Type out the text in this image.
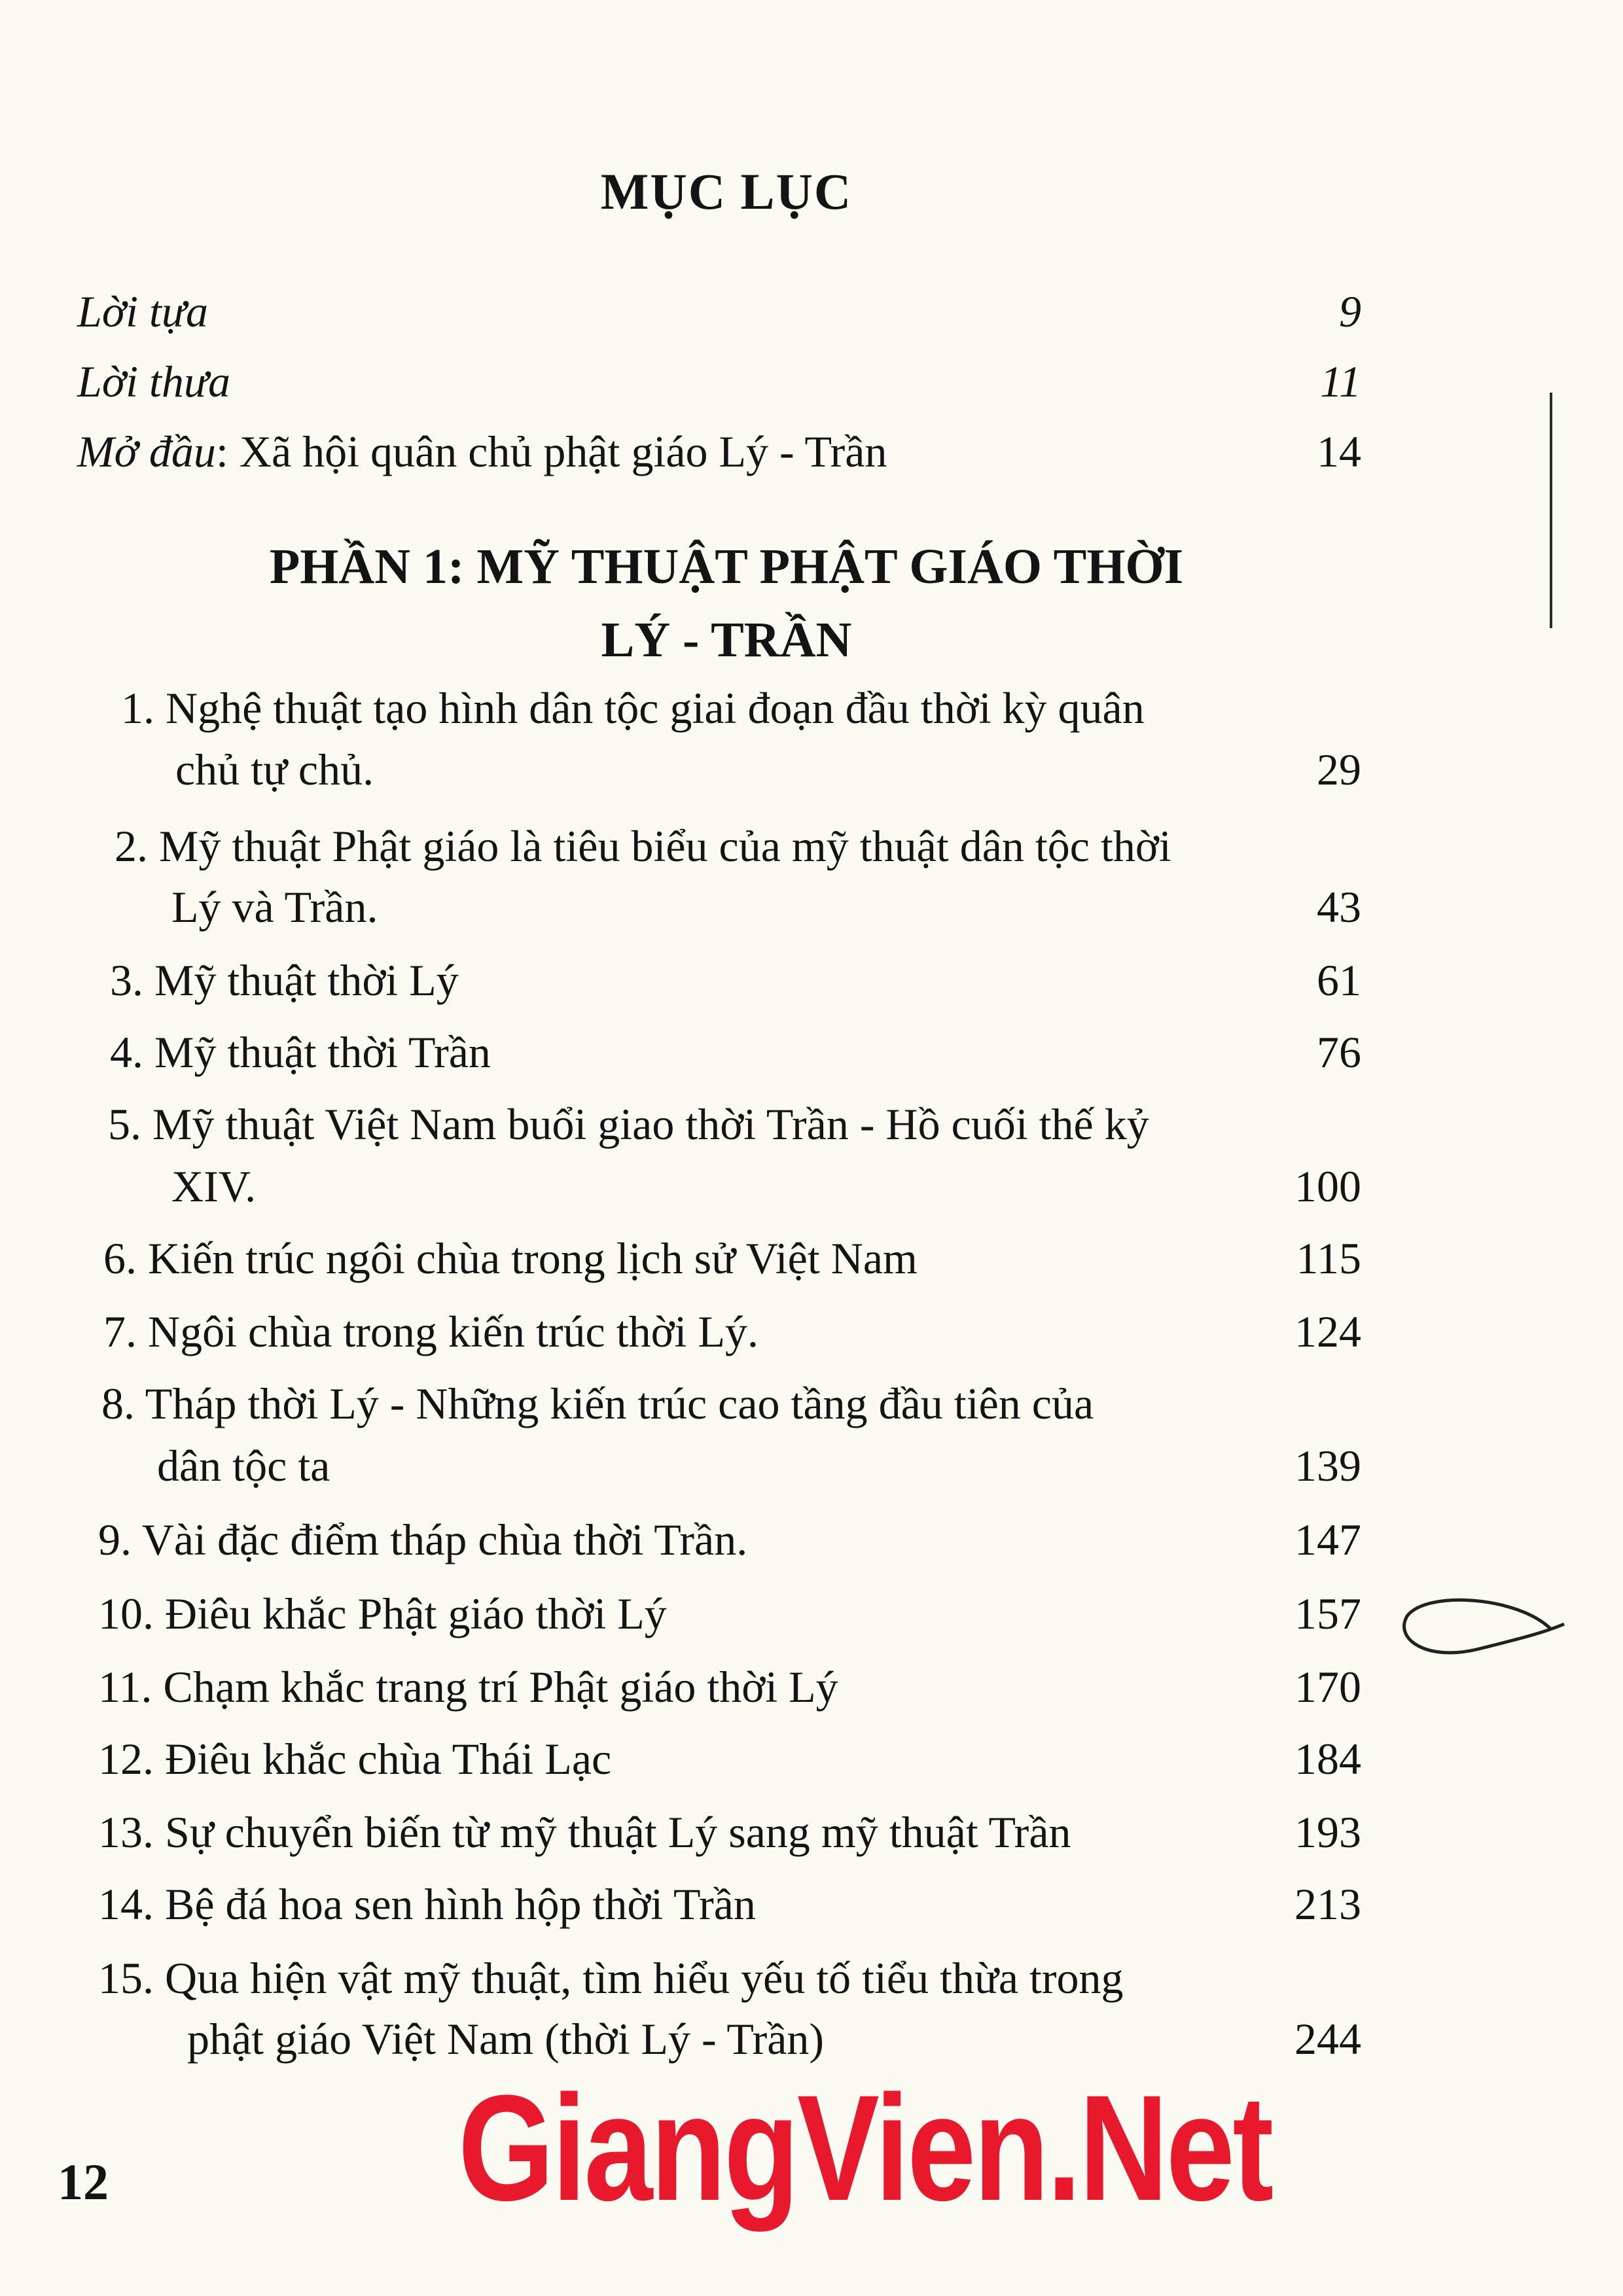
MỤC LỤC
Lời tựa	9
Lời thưa	11
Mở đầu: Xã hội quân chủ phật giáo Lý - Trần	14
PHẦN 1: MỸ THUẬT PHẬT GIÁO THỜI
LÝ - TRẦN
1. Nghệ thuật tạo hình dân tộc giai đoạn đầu thời kỳ quân
chủ tự chủ.	29
2. Mỹ thuật Phật giáo là tiêu biểu của mỹ thuật dân tộc thời
Lý và Trần.	43
3. Mỹ thuật thời Lý	61
4. Mỹ thuật thời Trần	76
5. Mỹ thuật Việt Nam buổi giao thời Trần - Hồ cuối thế kỷ
XIV.	100
6. Kiến trúc ngôi chùa trong lịch sử Việt Nam	115
7. Ngôi chùa trong kiến trúc thời Lý.	124
8. Tháp thời Lý - Những kiến trúc cao tầng đầu tiên của
dân tộc ta	139
9. Vài đặc điểm tháp chùa thời Trần.	147
10. Điêu khắc Phật giáo thời Lý	157
11. Chạm khắc trang trí Phật giáo thời Lý	170
12. Điêu khắc chùa Thái Lạc	184
13. Sự chuyển biến từ mỹ thuật Lý sang mỹ thuật Trần	193
14. Bệ đá hoa sen hình hộp thời Trần	213
15. Qua hiện vật mỹ thuật, tìm hiểu yếu tố tiểu thừa trong
phật giáo Việt Nam (thời Lý - Trần)	244
GiangVien.Net
12
